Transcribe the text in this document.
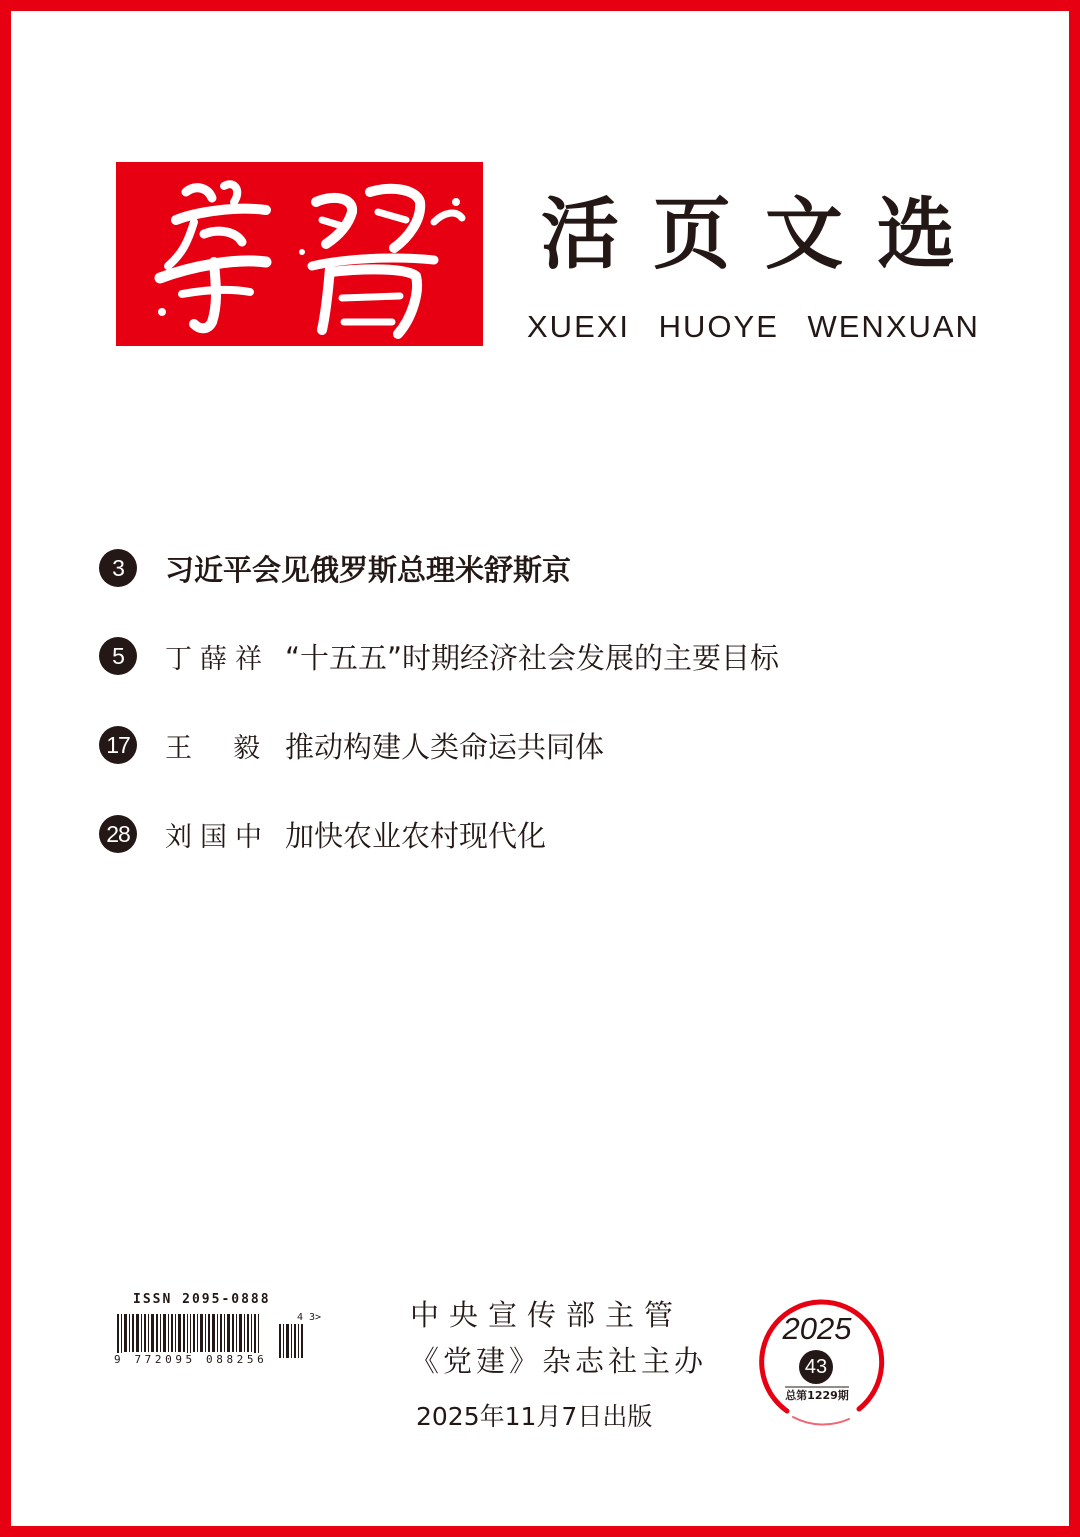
活页文选
XUEXI HUOYE WENXUAN
3	习近平会见俄罗斯总理米舒斯京
5	丁薛祥 “十五五”时期经济社会发展的主要目标
17 王  毅 推动构建人类命运共同体
28 刘国中 加快农业农村现代化
ISSN 2095-0888
9 772095 088256
4 3>	中央宣传部主管
《党建》杂志社主办
2025年11月7日出版
2025
43
总第1229期
